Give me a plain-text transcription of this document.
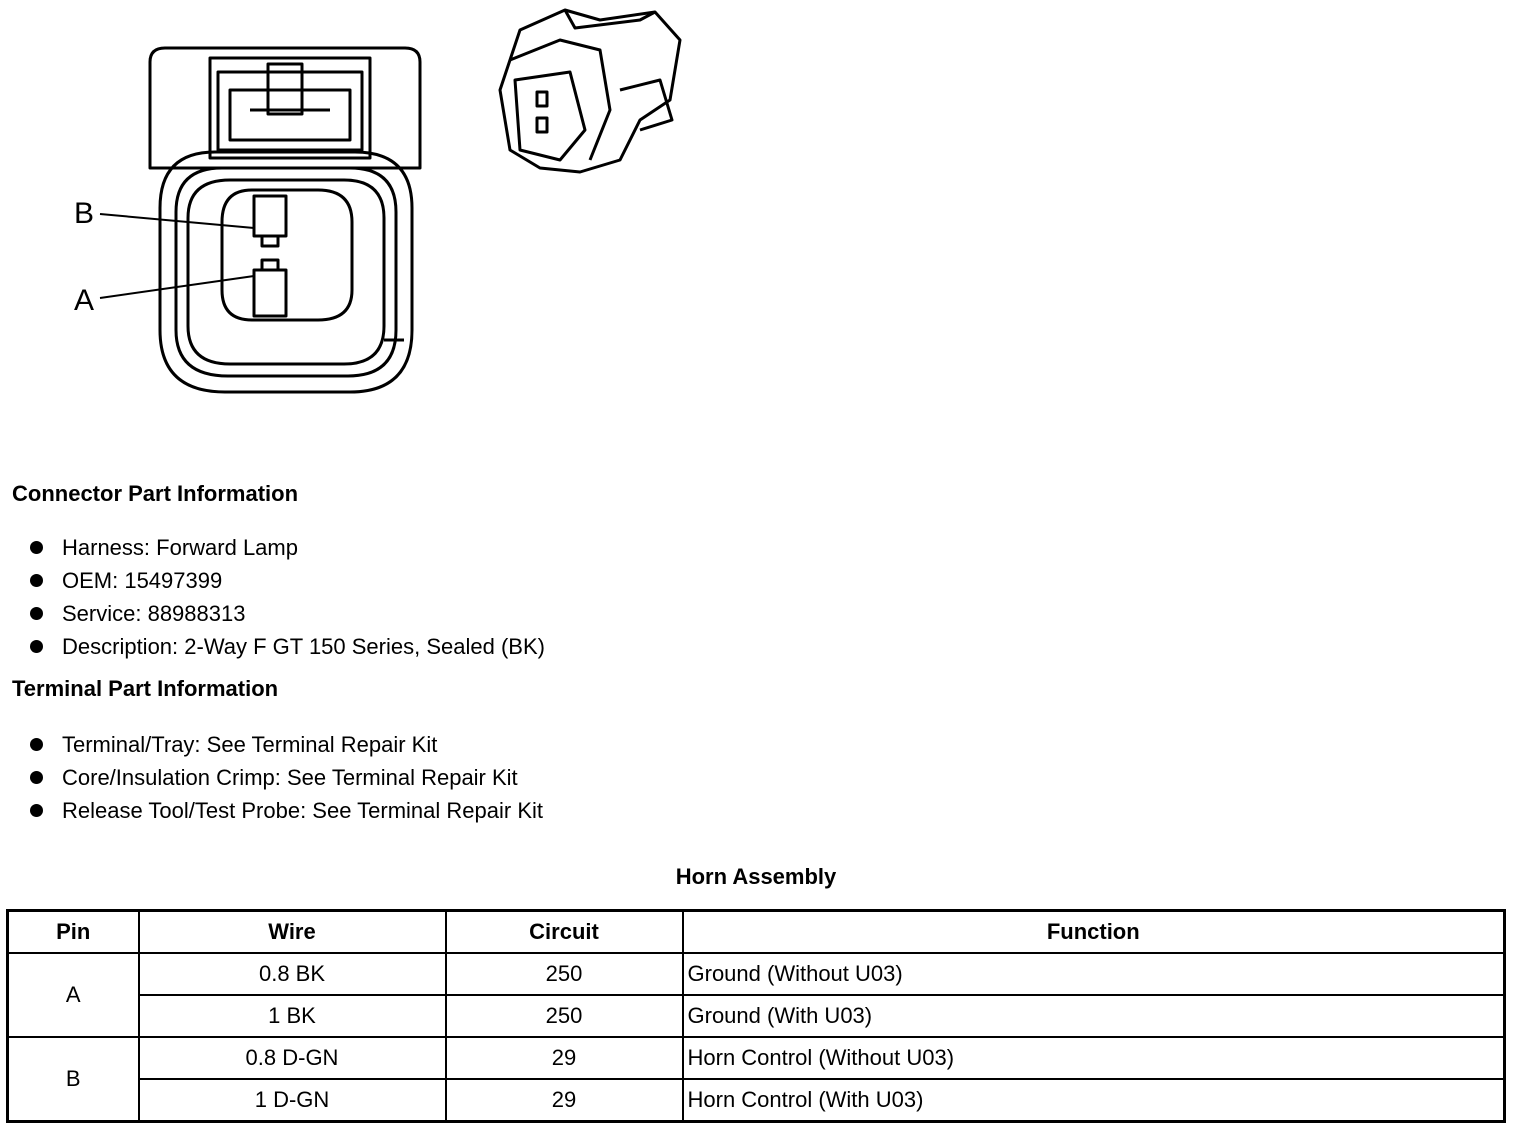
B
A
Connector Part Information
Harness: Forward Lamp
OEM: 15497399
Service: 88988313
Description: 2-Way F GT 150 Series, Sealed (BK)
Terminal Part Information
Terminal/Tray: See Terminal Repair Kit
Core/Insulation Crimp: See Terminal Repair Kit
Release Tool/Test Probe: See Terminal Repair Kit
Horn Assembly
Pin	Wire	Circuit	Function
A	0.8 BK	250	Ground (Without U03)
	1 BK	250	Ground (With U03)
B	0.8 D-GN	29	Horn Control (Without U03)
	1 D-GN	29	Horn Control (With U03)
